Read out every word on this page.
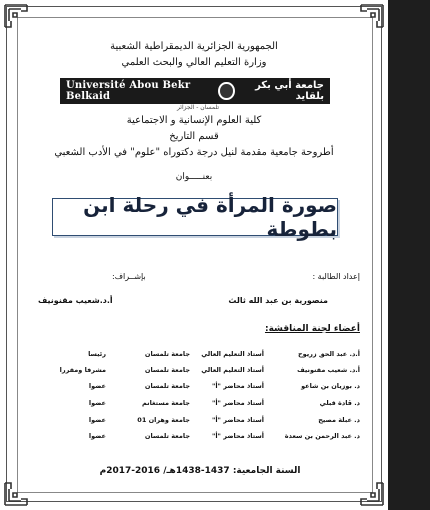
الجمهورية الجزائرية الديمقراطية الشعبية
وزارة التعليم العالي والبحث العلمي
Université Abou Bekr Belkaid
جامعة أبي بكر بلقايد
تلمسان - الجزائر
كلية العلوم الإنسانية و الاجتماعية
قسم التاريخ
أطروحة جامعية مقدمة لنيل درجة دكتوراه "علوم" في الأدب الشعبي
بعنـــــوان
صورة المرأة في رحلة ابن بطوطة
إعداد الطالبة :
منصورية بن عبد الله ثالث
بإشــراف:
أ.د.شعيب مقنونيف
أعضاء لجنة المناقشة:
أ.د. عبد الحق زريوح
أستاذ التعليم العالي
جامعة تلمسان
رئيسا
أ.د. شعيب مقنونيف
أستاذ التعليم العالي
جامعة تلمسان
مشرفا ومقررا
د. بوزيان بن شاعو
أستاذ محاضر "أ"
جامعة تلمسان
عضوا
د. ڤادة قبلي
أستاذ محاضر "أ"
جامعة مستغانم
عضوا
د. عبلة مصيح
أستاذ محاضر "أ"
جامعة وهران 01
عضوا
د. عبد الرحمن بن سعدة
أستاذ محاضر "أ"
جامعة تلمسان
عضوا
السنة الجامعية: 1437-1438هـ/ 2016-2017م
